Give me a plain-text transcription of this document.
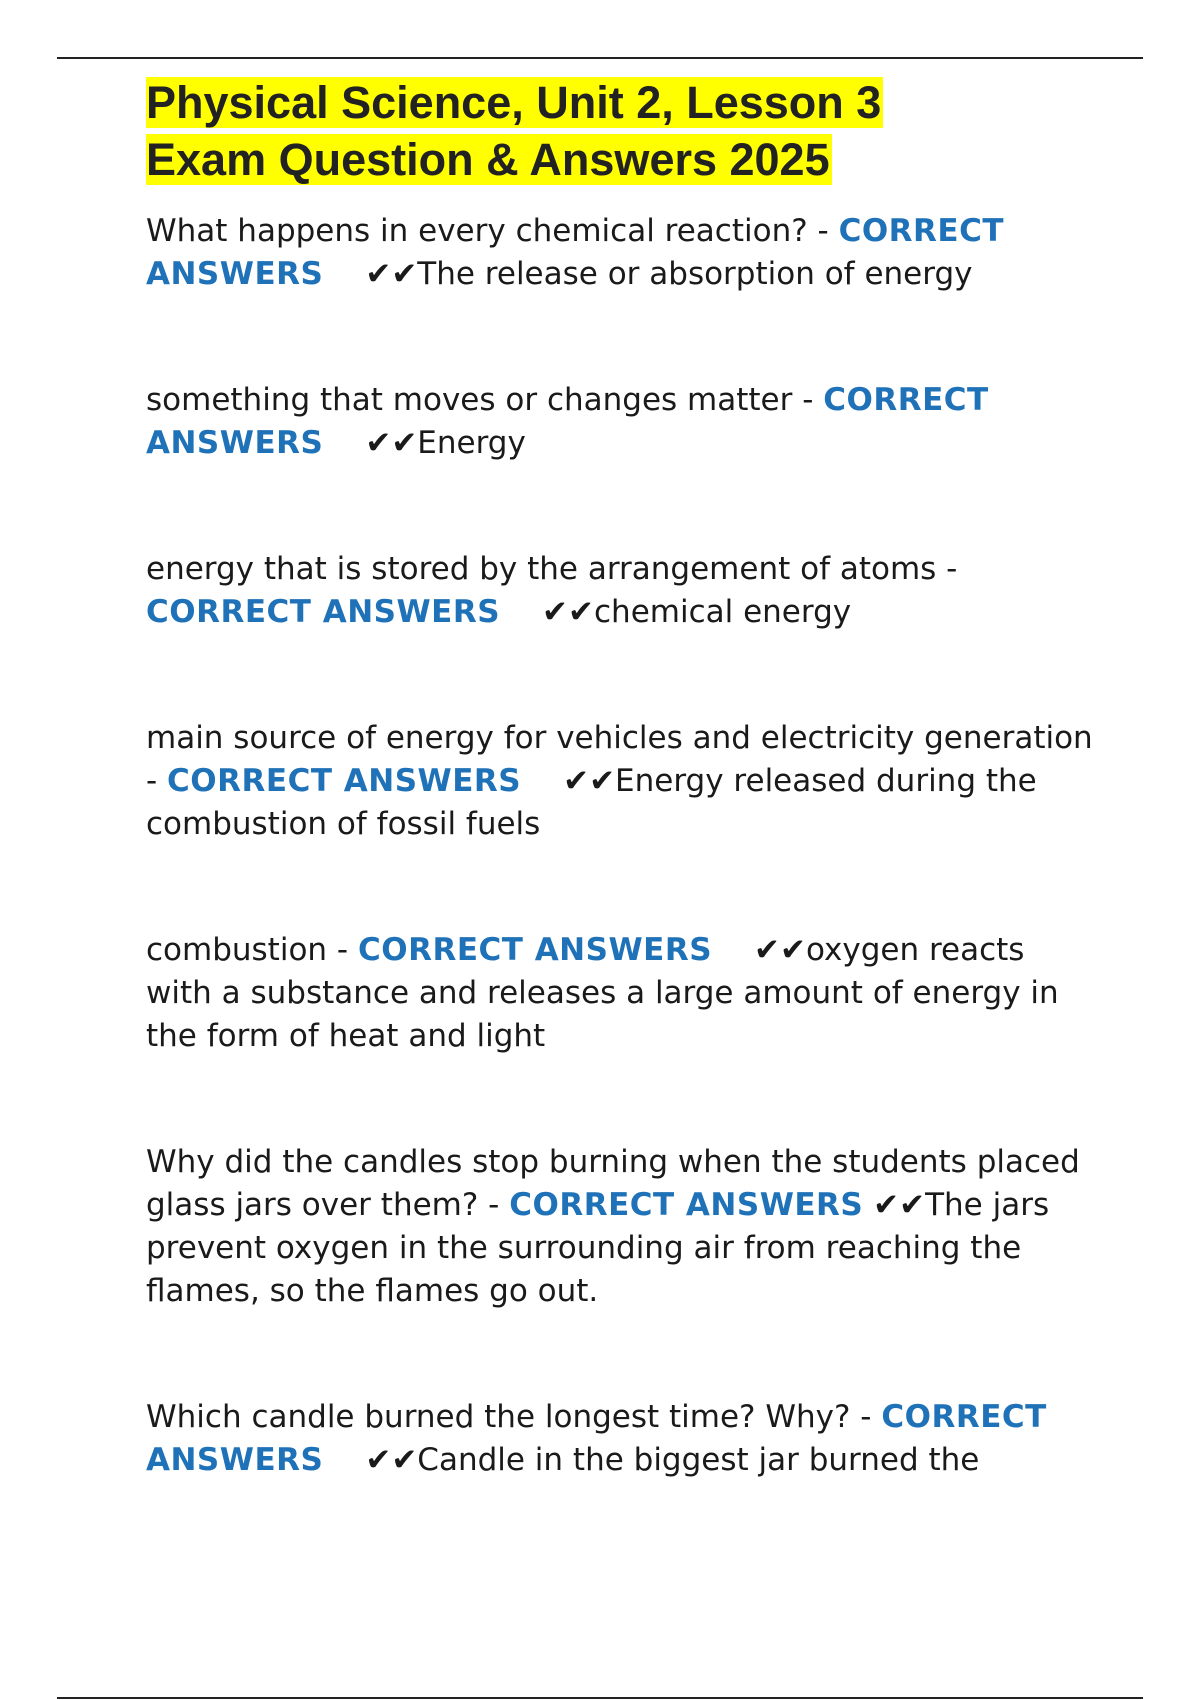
Physical Science, Unit 2, Lesson 3
Exam Question & Answers 2025

What happens in every chemical reaction? - CORRECT ANSWERS ✔✔The release or absorption of energy

something that moves or changes matter - CORRECT ANSWERS ✔✔Energy

energy that is stored by the arrangement of atoms - CORRECT ANSWERS ✔✔chemical energy

main source of energy for vehicles and electricity generation - CORRECT ANSWERS ✔✔Energy released during the combustion of fossil fuels

combustion - CORRECT ANSWERS ✔✔oxygen reacts with a substance and releases a large amount of energy in the form of heat and light

Why did the candles stop burning when the students placed glass jars over them? - CORRECT ANSWERS ✔✔The jars prevent oxygen in the surrounding air from reaching the flames, so the flames go out.

Which candle burned the longest time? Why? - CORRECT ANSWERS ✔✔Candle in the biggest jar burned the
